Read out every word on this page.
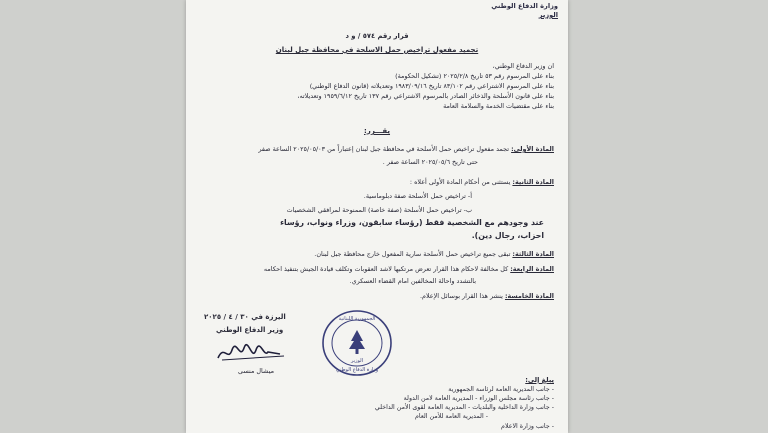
وزارة الدفاع الوطني
الوزير
قرار رقم ٥٧٤ / و د
تجميد مفعول تراخيص حمل الاسلحة في محافظة جبل لبنان
ان وزير الدفاع الوطني،
بناء على المرسوم رقم ٥٣ تاريخ ٢٠٢٥/٢/٨ (تشكيل الحكومة)
بناء على المرسوم الاشتراعي رقم ٨٣/١٠٢ تاريخ ١٩٨٣/٠٩/١٦ وتعديلاته (قانون الدفاع الوطني)
بناء على قانون الأسلحة والذخائر الصادر بالمرسوم الاشتراعي رقم ١٣٧ تاريخ ١٩٥٩/٦/١٢ وتعديلاته،
بناء على مقتضيات الخدمة والسلامة العامة
يقـــرر:
المادة الأولى: تجمد مفعول تراخيص حمل الأسلحة في محافظة جبل لبنان إعتباراً من ٢٠٢٥/٠٥/٠٣ الساعة صفر
حتى تاريخ ٢٠٢٥/٠٥/٦ الساعة صفر .
المادة الثانية: يستثنى من أحكام المادة الأولى أعلاه :
أ- تراخيص حمل الأسلحة صفة دبلوماسية.
ب- تراخيص حمل الأسلحة (صفة خاصة) الممنوحة لمرافقي الشخصيات
عند وجودهم مع الشخصية فقط (رؤساء سابقون، وزراء ونواب، رؤساء
احزاب، رجال دين).
المادة الثالثة: تبقى جميع تراخيص حمل الأسلحة سارية المفعول خارج محافظة جبل لبنان.
المادة الرابعة: كل مخالفة لاحكام هذا القرار تعرض مرتكبها لاشد العقوبات وتكلف قيادة الجيش بتنفيذ احكامه
بالتشدد واحالة المخالفين امام القضاء العسكري.
المادة الخامسة: ينشر هذا القرار بوسائل الإعلام.
اليرزة في ٣٠ / ٤ / ٢٠٢٥
وزير الدفاع الوطني
ميشال منسى
الجمهورية اللبنانية
الوزير
وزارة الدفاع الوطني
يبلغ إلى:
- جانب المديرية العامة لرئاسة الجمهورية
- جانب رئاسة مجلس الوزراء - المديرية العامة لامن الدولة
- جانب وزارة الداخلية والبلديات - المديرية العامة لقوى الأمن الداخلي
- المديرية العامة للأمن العام
- جانب وزارة الاعلام
